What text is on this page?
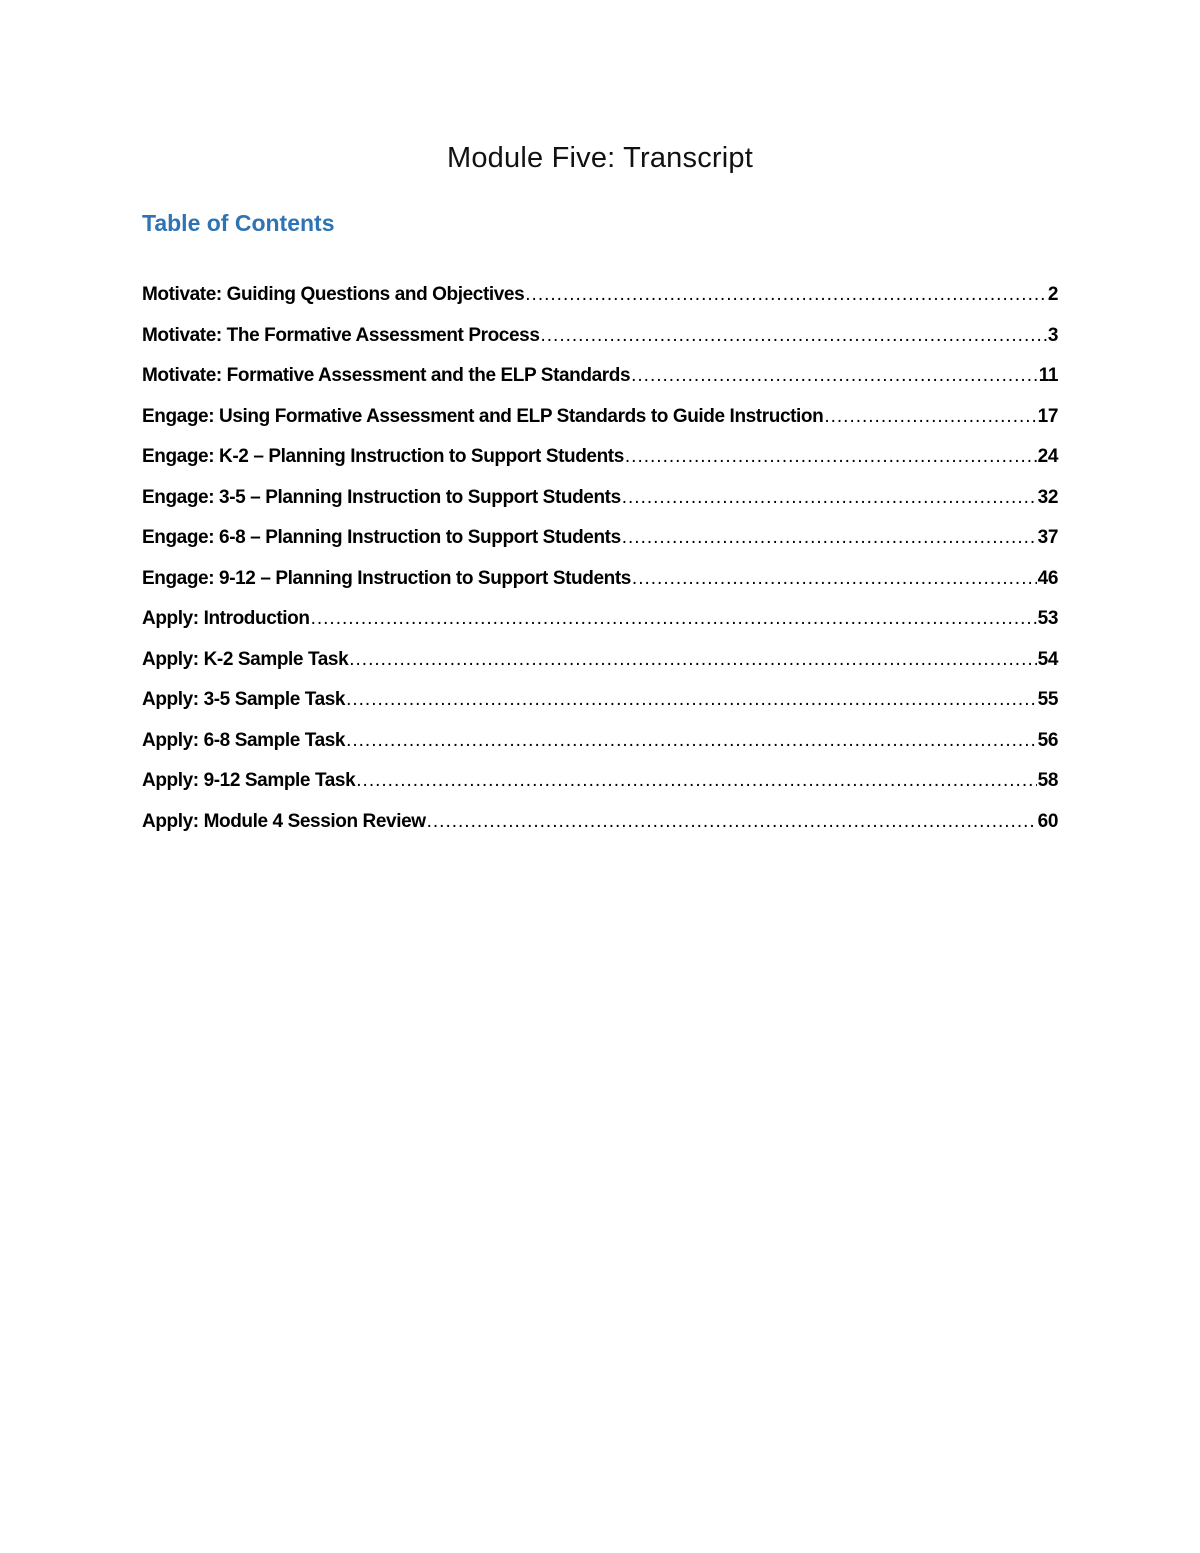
Module Five: Transcript
Table of Contents
Motivate: Guiding Questions and Objectives .....	2
Motivate: The Formative Assessment Process .....	3
Motivate: Formative Assessment and the ELP Standards .....	11
Engage: Using Formative Assessment and ELP Standards to Guide Instruction .....	17
Engage: K-2 – Planning Instruction to Support Students .....	24
Engage: 3-5 – Planning Instruction to Support Students .....	32
Engage: 6-8 – Planning Instruction to Support Students .....	37
Engage: 9-12 – Planning Instruction to Support Students .....	46
Apply: Introduction .....	53
Apply: K-2 Sample Task .....	54
Apply: 3-5 Sample Task .....	55
Apply: 6-8 Sample Task .....	56
Apply: 9-12 Sample Task .....	58
Apply: Module 4 Session Review .....	60
